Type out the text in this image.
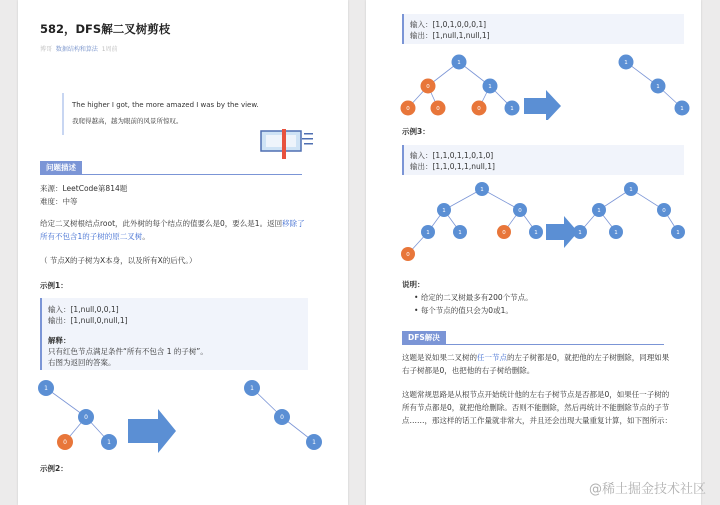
582，DFS解二叉树剪枝
博哥 数据结构和算法 1周前
The higher I got, the more amazed I was by the view.
我爬得越高，越为眼前的风景所惊叹。
问题描述
来源：LeetCode第814题
难度：中等
给定二叉树根结点root，此外树的每个结点的值要么是0，要么是1。返回移除了
所有不包含1的子树的原二叉树。
（ 节点X的子树为X本身，以及所有X的后代。）
示例1：
输入：[1,null,0,0,1]
输出：[1,null,0,null,1]
解释：
只有红色节点满足条件“所有不包含 1 的子树”。
右图为返回的答案。
1
0
0	1
1
0
1
示例2：
输入：[1,0,1,0,0,0,1]
输出：[1,null,1,null,1]
1
0	1
0	0	0	1
1
1
1
示例3：
输入：[1,1,0,1,1,0,1,0]
输出：[1,1,0,1,1,null,1]
1
1	0
1	1	0	1
0
1
1	0
1	1	1
说明：
• 给定的二叉树最多有200个节点。
• 每个节点的值只会为0或1。
DFS解决
这题是说如果二叉树的任一节点的左子树都是0，就把他的左子树删除，同理如果
右子树都是0，也把他的右子树给删除。
这题常规思路是从根节点开始统计他的左右子树节点是否都是0，如果任一子树的
所有节点都是0，就把他给删除。否则不能删除，然后再统计不能删除节点的子节
点……，那这样的话工作量就非常大，并且还会出现大量重复计算，如下图所示：
@稀土掘金技术社区
